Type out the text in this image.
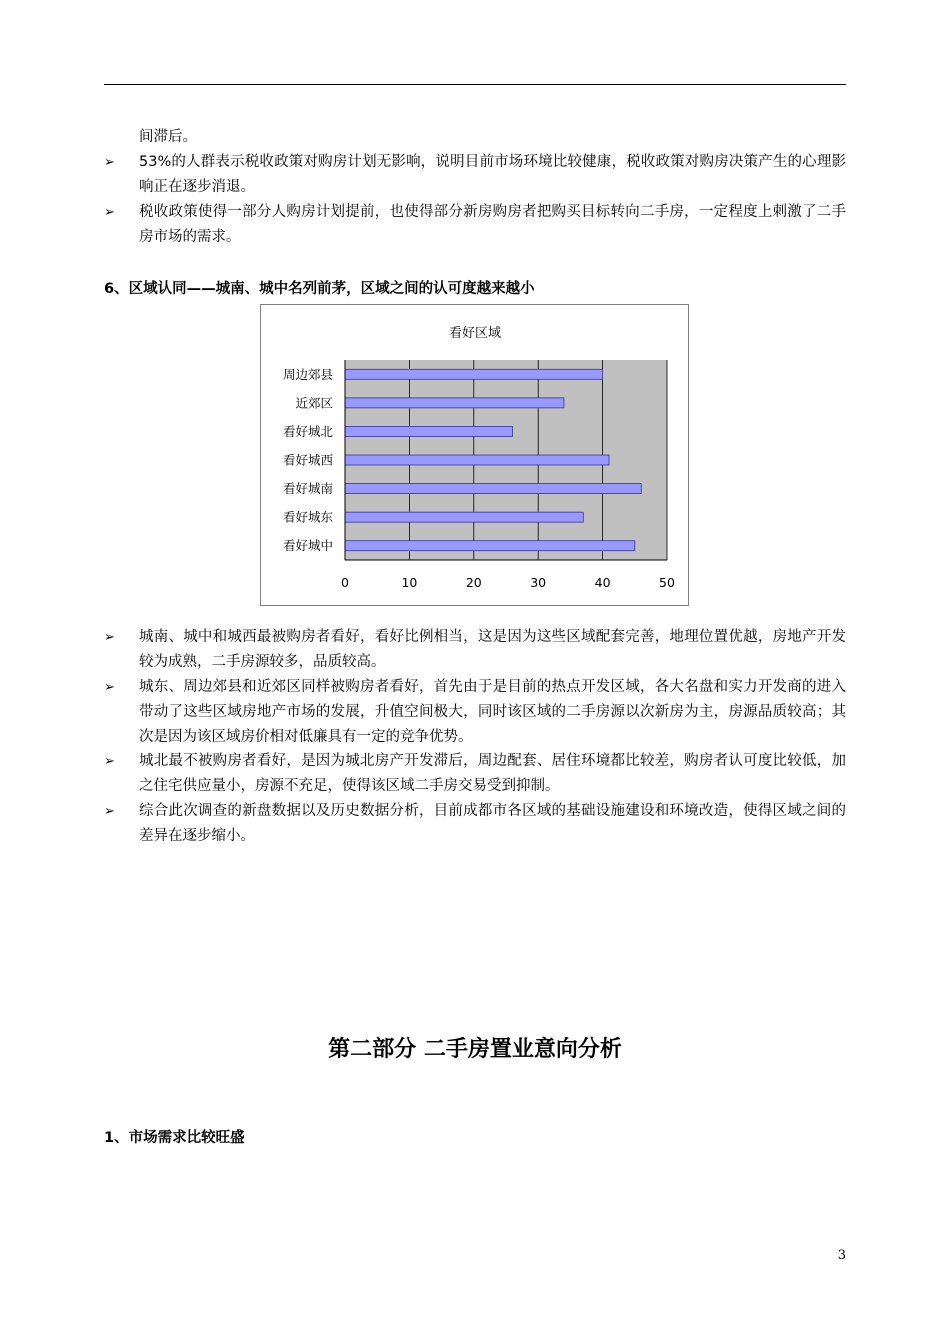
间滞后。
➢	53%的人群表示税收政策对购房计划无影响，说明目前市场环境比较健康，税收政策对购房决策产生的心理影响正在逐步消退。
➢	税收政策使得一部分人购房计划提前，也使得部分新房购房者把购买目标转向二手房，一定程度上刺激了二手房市场的需求。
6、区域认同——城南、城中名列前茅，区域之间的认可度越来越小
看好区域
0	10	20	30	40	50
周边郊县
近郊区
看好城北
看好城西
看好城南
看好城东
看好城中
➢	城南、城中和城西最被购房者看好，看好比例相当，这是因为这些区域配套完善，地理位置优越，房地产开发较为成熟，二手房源较多，品质较高。
➢	城东、周边郊县和近郊区同样被购房者看好，首先由于是目前的热点开发区域，各大名盘和实力开发商的进入带动了这些区域房地产市场的发展，升值空间极大，同时该区域的二手房源以次新房为主，房源品质较高；其次是因为该区域房价相对低廉具有一定的竞争优势。
➢	城北最不被购房者看好，是因为城北房产开发滞后，周边配套、居住环境都比较差，购房者认可度比较低，加之住宅供应量小，房源不充足，使得该区域二手房交易受到抑制。
➢	综合此次调查的新盘数据以及历史数据分析，目前成都市各区域的基础设施建设和环境改造，使得区域之间的差异在逐步缩小。
第二部分 二手房置业意向分析
1、市场需求比较旺盛
3
